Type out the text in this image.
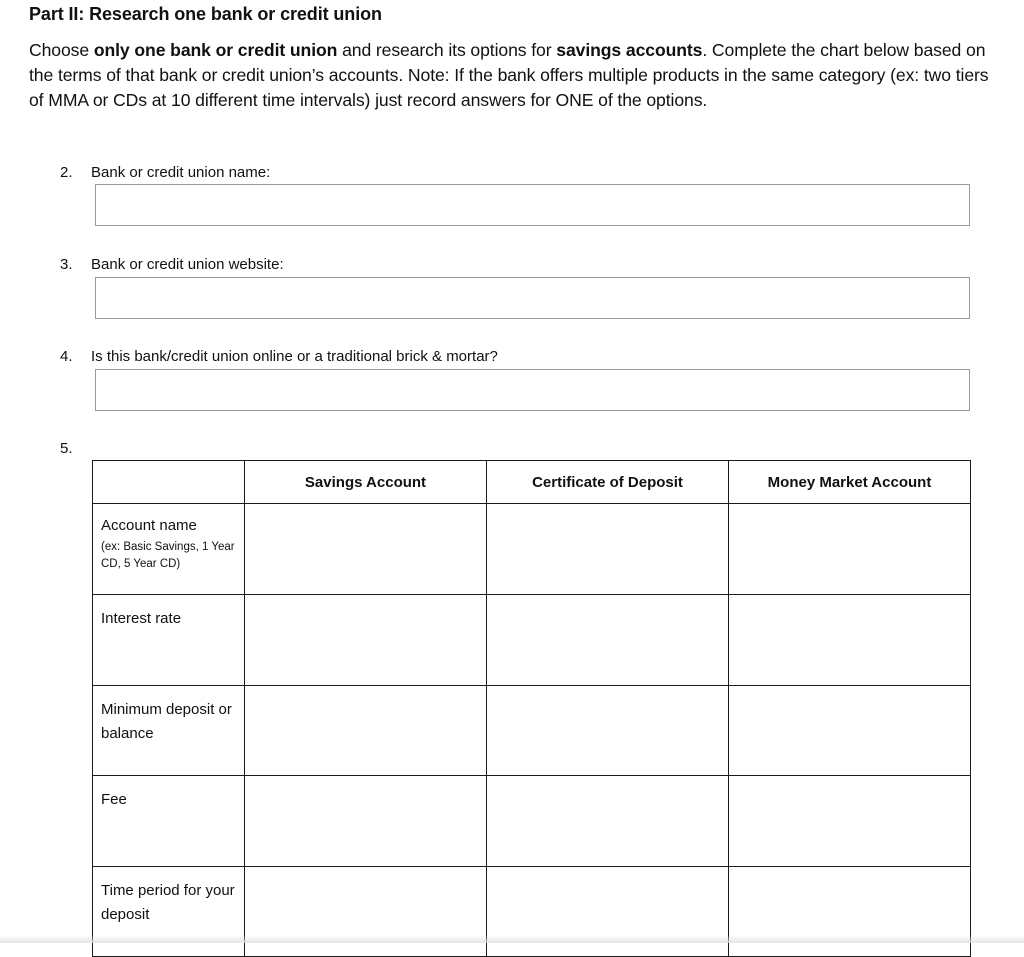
Part II: Research one bank or credit union
Choose only one bank or credit union and research its options for savings accounts. Complete the chart below based on the terms of that bank or credit union’s accounts. Note: If the bank offers multiple products in the same category (ex: two tiers of MMA or CDs at 10 different time intervals) just record answers for ONE of the options.
2. Bank or credit union name:
3. Bank or credit union website:
4. Is this bank/credit union online or a traditional brick & mortar?
5.
	Savings Account	Certificate of Deposit	Money Market Account

Account name
(ex: Basic Savings, 1 Year CD, 5 Year CD)			

Interest rate			
Minimum deposit or balance			
Fee			
Time period for your deposit			
